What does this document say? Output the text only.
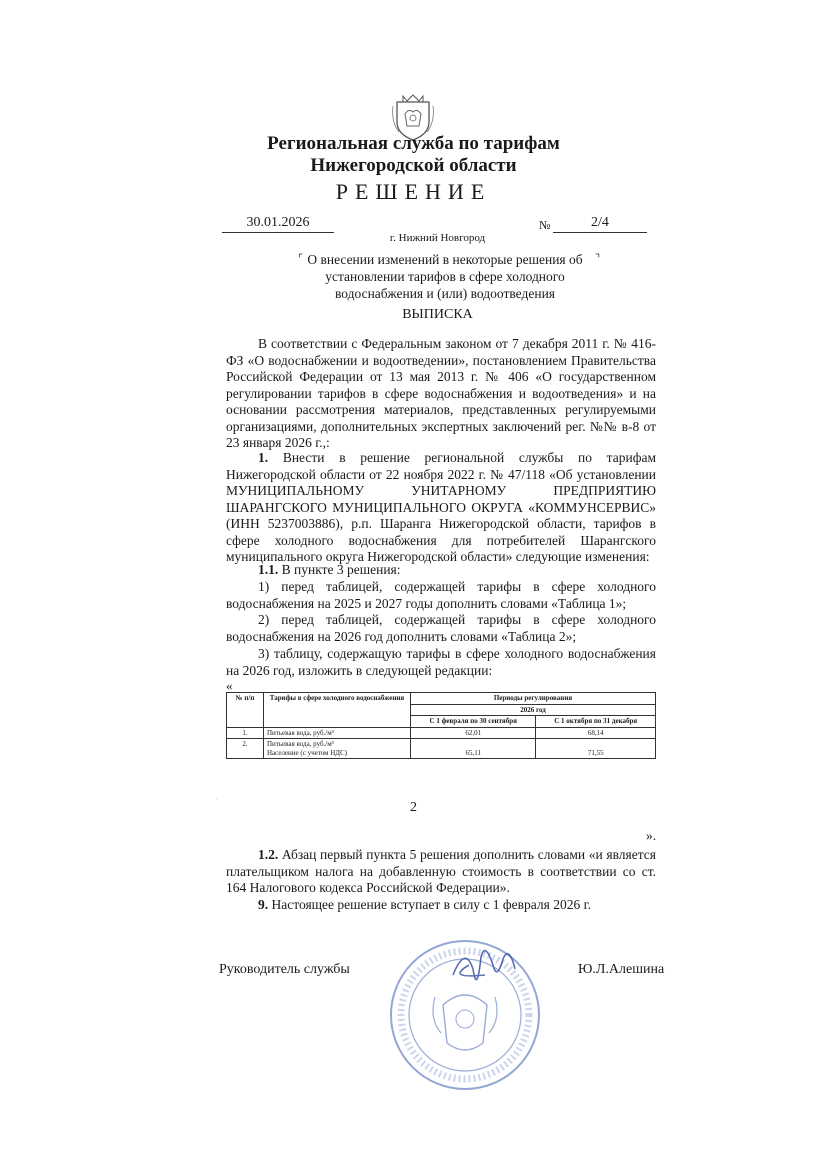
Региональная служба по тарифам
Нижегородской области
РЕШЕНИЕ
30.01.2026	№	2/4
г. Нижний Новгород
⌜	⌝
О внесении изменений в некоторые решения об
установлении тарифов в сфере холодного
водоснабжения и (или) водоотведения
ВЫПИСКА

В соответствии с Федеральным законом от 7 декабря 2011 г. № 416-ФЗ «О водоснабжении и водоотведении», постановлением Правительства Российской Федерации от 13 мая 2013 г. № 406 «О государственном регулировании тарифов в сфере водоснабжения и водоотведения» и на основании рассмотрения материалов, представленных регулируемыми организациями, дополнительных экспертных заключений рег. №№ в-8 от 23 января 2026 г.,:

1. Внести в решение региональной службы по тарифам Нижегородской области от 22 ноября 2022 г. № 47/118 «Об установлении МУНИЦИПАЛЬНОМУ УНИТАРНОМУ ПРЕДПРИЯТИЮ ШАРАНГСКОГО МУНИЦИПАЛЬНОГО ОКРУГА «КОММУНСЕРВИС» (ИНН 5237003886), р.п. Шаранга Нижегородской области, тарифов в сфере холодного водоснабжения для потребителей Шарангского муниципального округа Нижегородской области» следующие изменения:

1.1. В пункте 3 решения:

1) перед таблицей, содержащей тарифы в сфере холодного водоснабжения на 2025 и 2027 годы дополнить словами «Таблица 1»;

2) перед таблицей, содержащей тарифы в сфере холодного водоснабжения на 2026 год дополнить словами «Таблица 2»;

3) таблицу, содержащую тарифы в сфере холодного водоснабжения на 2026 год, изложить в следующей редакции:

«
№ п/п	Тарифы в сфере холодного водоснабжения	Периоды регулирования	
		2026 год	
		С 1 февраля по 30 сентября	С 1 октября по 31 декабря
1.	Питьевая вода, руб./м³	62,01	68,14
2.	Питьевая вода, руб./м³
Население (с учетом НДС)	65,11	71,55
·
2
».

1.2. Абзац первый пункта 5 решения дополнить словами «и является плательщиком налога на добавленную стоимость в соответствии со ст. 164 Налогового кодекса Российской Федерации».

9. Настоящее решение вступает в силу с 1 февраля 2026 г.

Руководитель службы	Ю.Л.Алешина
